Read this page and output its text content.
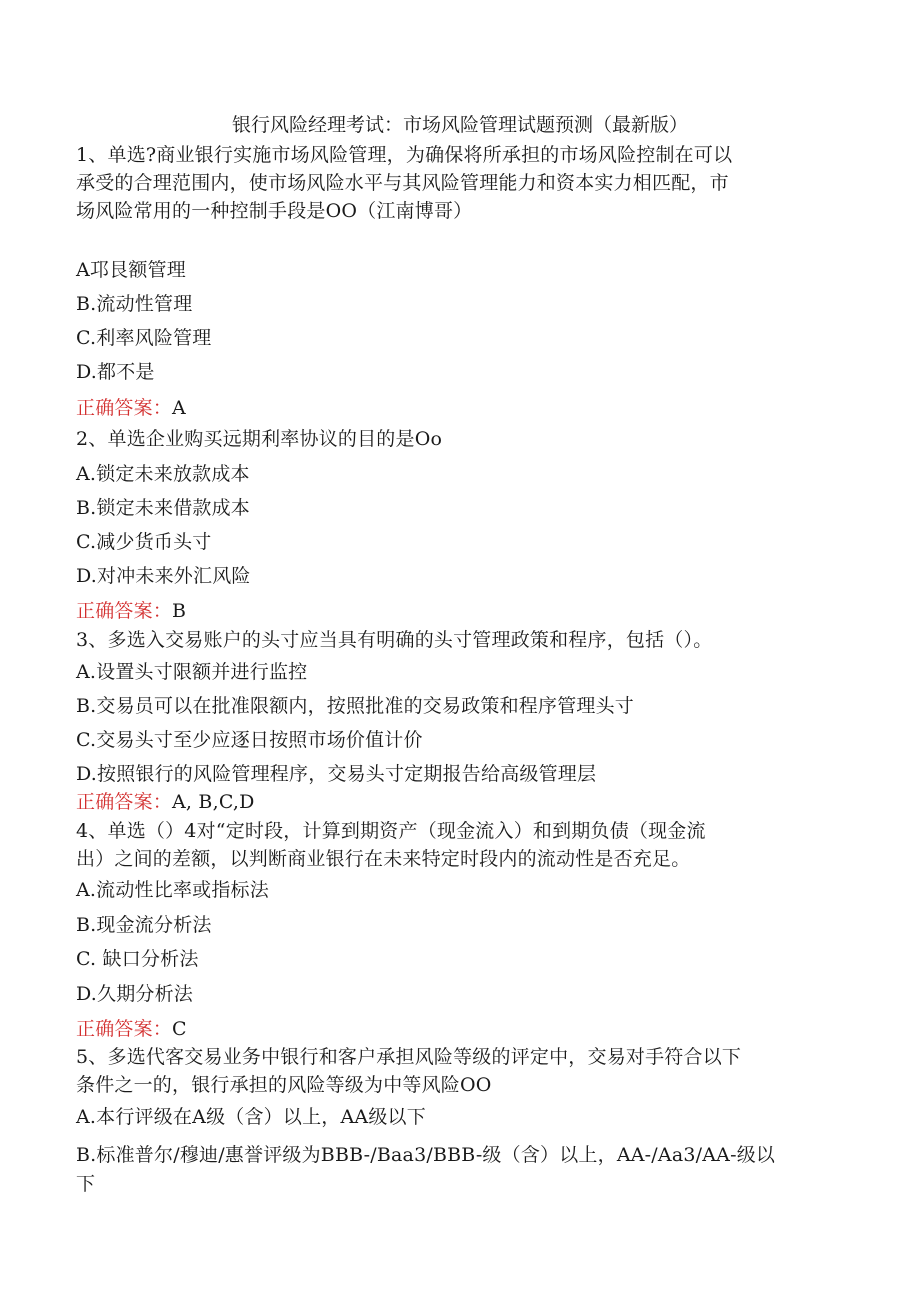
银行风险经理考试：市场风险管理试题预测（最新版）
1、单选?商业银行实施市场风险管理，为确保将所承担的市场风险控制在可以
承受的合理范围内，使市场风险水平与其风险管理能力和资本实力相匹配，市
场风险常用的一种控制手段是OO（江南博哥）
A邛艮额管理
B.流动性管理
C.利率风险管理
D.都不是
正确答案：A
2、单选企业购买远期利率协议的目的是Oo
A.锁定未来放款成本
B.锁定未来借款成本
C.减少货币头寸
D.对冲未来外汇风险
正确答案：B
3、多选入交易账户的头寸应当具有明确的头寸管理政策和程序，包括（）。
A.设置头寸限额并进行监控
B.交易员可以在批准限额内，按照批准的交易政策和程序管理头寸
C.交易头寸至少应逐日按照市场价值计价
D.按照银行的风险管理程序，交易头寸定期报告给高级管理层
正确答案：A, B,C,D
4、单选（）4对“定时段，计算到期资产（现金流入）和到期负债（现金流
出）之间的差额，以判断商业银行在未来特定时段内的流动性是否充足。
A.流动性比率或指标法
B.现金流分析法
C. 缺口分析法
D.久期分析法
正确答案：C
5、多选代客交易业务中银行和客户承担风险等级的评定中，交易对手符合以下
条件之一的，银行承担的风险等级为中等风险OO
A.本行评级在A级（含）以上，AA级以下
B.标准普尔/穆迪/惠誉评级为BBB-/Baa3/BBB-级（含）以上，AA-/Aa3/AA-级以
下
